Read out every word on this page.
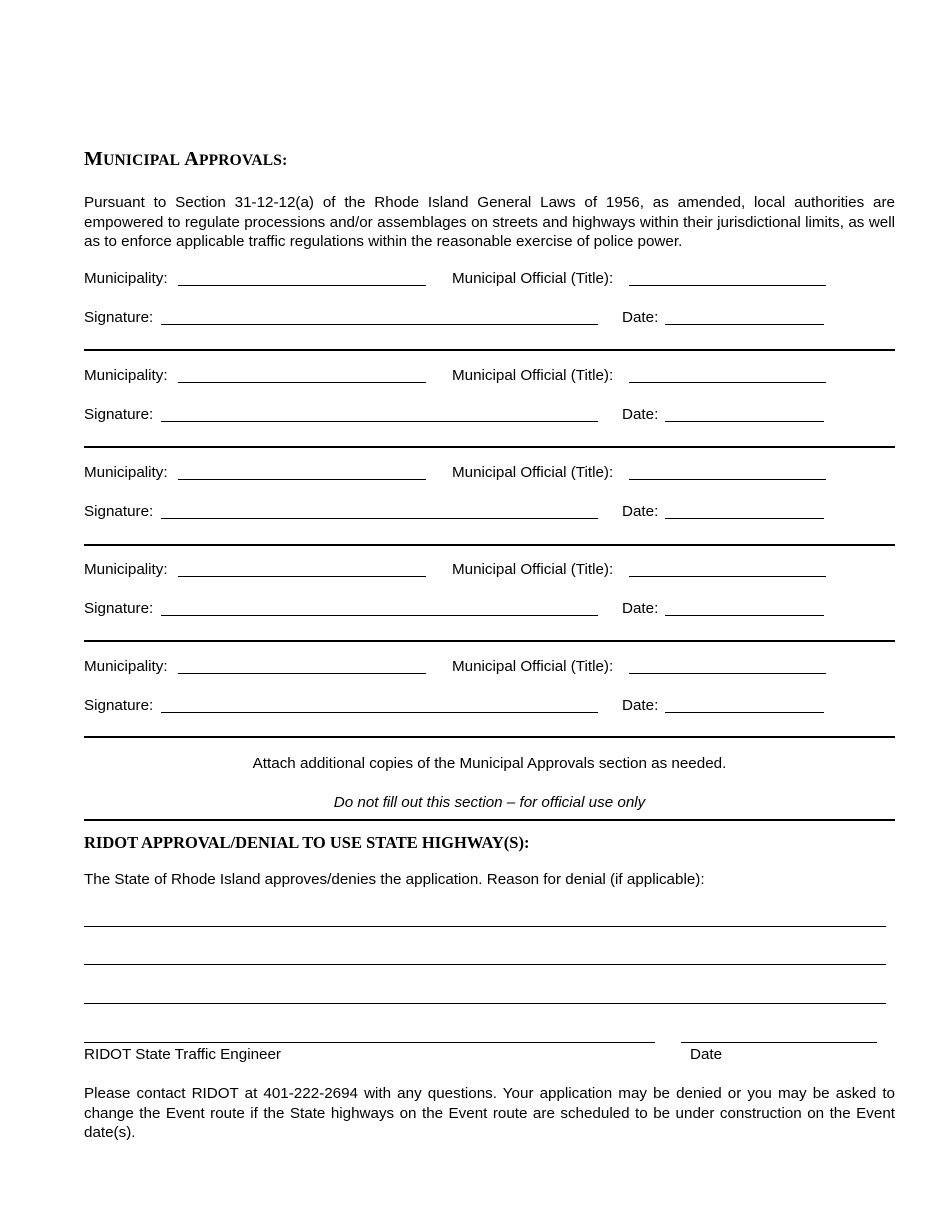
MUNICIPAL APPROVALS:
Pursuant to Section 31-12-12(a) of the Rhode Island General Laws of 1956, as amended, local authorities are empowered to regulate processions and/or assemblages on streets and highways within their jurisdictional limits, as well as to enforce applicable traffic regulations within the reasonable exercise of police power.
Municipality:	Municipal Official (Title):
Signature:	Date:
Municipality:	Municipal Official (Title):
Signature:	Date:
Municipality:	Municipal Official (Title):
Signature:	Date:
Municipality:	Municipal Official (Title):
Signature:	Date:
Municipality:	Municipal Official (Title):
Signature:	Date:
Attach additional copies of the Municipal Approvals section as needed.
Do not fill out this section – for official use only
RIDOT APPROVAL/DENIAL TO USE STATE HIGHWAY(S):
The State of Rhode Island approves/denies the application. Reason for denial (if applicable):
RIDOT State Traffic Engineer	Date
Please contact RIDOT at 401-222-2694 with any questions. Your application may be denied or you may be asked to change the Event route if the State highways on the Event route are scheduled to be under construction on the Event date(s).
